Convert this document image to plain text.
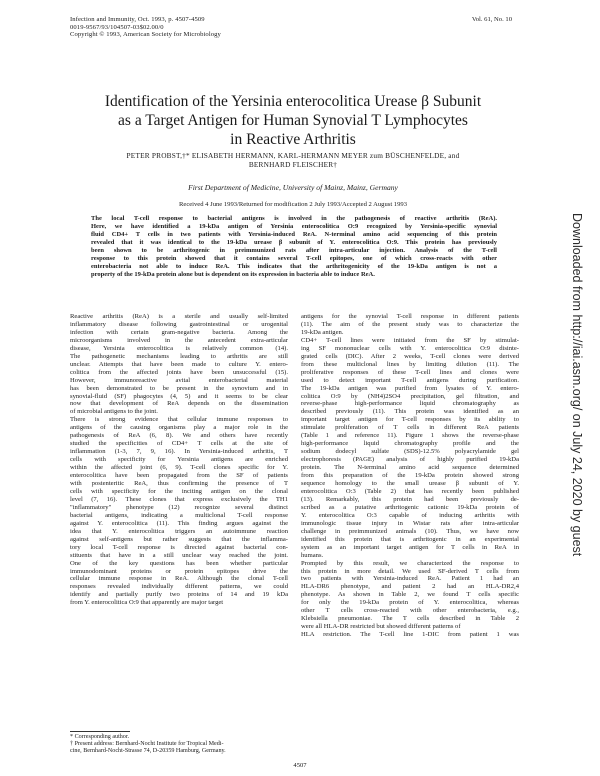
Infection and Immunity, Oct. 1993, p. 4507-4509
0019-9567/93/104507-03$02.00/0
Copyright © 1993, American Society for Microbiology
Vol. 61, No. 10
Identification of the Yersinia enterocolitica Urease β Subunit
as a Target Antigen for Human Synovial T Lymphocytes
in Reactive Arthritis
PETER PROBST,†* ELISABETH HERMANN, KARL-HERMANN MEYER zum BÜSCHENFELDE, and
BERNHARD FLEISCHER†
First Department of Medicine, University of Mainz, Mainz, Germany
Received 4 June 1993/Returned for modification 2 July 1993/Accepted 2 August 1993
The local T-cell response to bacterial antigens is involved in the pathogenesis of reactive arthritis (ReA).
Here, we have identified a 19-kDa antigen of Yersinia enterocolitica O:9 recognized by Yersinia-specific synovial
fluid CD4+ T cells in two patients with Yersinia-induced ReA. N-terminal amino acid sequencing of this protein
revealed that it was identical to the 19-kDa urease β subunit of Y. enterocolitica O:9. This protein has previously
been shown to be arthritogenic in preimmunized rats after intra-articular injection. Analysis of the T-cell
response to this protein showed that it contains several T-cell epitopes, one of which cross-reacts with other
enterobacteria not able to induce ReA. This indicates that the arthritogenicity of the 19-kDa antigen is not a
property of the 19-kDa protein alone but is dependent on its expression in bacteria able to induce ReA.
Reactive arthritis (ReA) is a sterile and usually self-limited
inflammatory disease following gastrointestinal or urogenital
infection with certain gram-negative bacteria. Among the
microorganisms involved in the antecedent extra-articular
disease, Yersinia enterocolitica is relatively common (14).
The pathogenetic mechanisms leading to arthritis are still
unclear. Attempts that have been made to culture Y. entero-
colitica from the affected joints have been unsuccessful (15).
However, immunoreactive avital enterobacterial material
has been demonstrated to be present in the synovium and in
synovial-fluid (SF) phagocytes (4, 5) and it seems to be clear
now that development of ReA depends on the dissemination
of microbial antigens to the joint.
There is strong evidence that cellular immune responses to
antigens of the causing organisms play a major role in the
pathogenesis of ReA (6, 8). We and others have recently
studied the specificities of CD4+ T cells at the site of
inflammation (1-3, 7, 9, 16). In Yersinia-induced arthritis, T
cells with specificity for Yersinia antigens are enriched
within the affected joint (6, 9). T-cell clones specific for Y.
enterocolitica have been propagated from the SF of patients
with postenteritic ReA, thus confirming the presence of T
cells with specificity for the inciting antigen on the clonal
level (7, 16). These clones that express exclusively the TH1
"inflammatory" phenotype (12) recognize several distinct
bacterial antigens, indicating a multiclonal T-cell response
against Y. enterocolitica (11). This finding argues against the
idea that Y. enterocolitica triggers an autoimmune reaction
against self-antigens but rather suggests that the inflamma-
tory local T-cell response is directed against bacterial con-
stituents that have in a still unclear way reached the joint.
One of the key questions has been whether particular
immunodominant proteins or protein epitopes drive the
cellular immune response in ReA. Although the clonal T-cell
responses revealed individually different patterns, we could
identify and partially purify two proteins of 14 and 19 kDa
from Y. enterocolitica O:9 that apparently are major target
antigens for the synovial T-cell response in different patients
(11). The aim of the present study was to characterize the
19-kDa antigen.
CD4+ T-cell lines were initiated from the SF by stimulat-
ing SF mononuclear cells with Y. enterocolitica O:9 disinte-
grated cells (DIC). After 2 weeks, T-cell clones were derived
from these multiclonal lines by limiting dilution (11). The
proliferative responses of these T-cell lines and clones were
used to detect important T-cell antigens during purification.
The 19-kDa antigen was purified from lysates of Y. entero-
colitica O:9 by (NH4)2SO4 precipitation, gel filtration, and
reverse-phase high-performance liquid chromatography as
described previously (11). This protein was identified as an
important target antigen for T-cell responses by its ability to
stimulate proliferation of T cells in different ReA patients
(Table 1 and reference 11). Figure 1 shows the reverse-phase
high-performance liquid chromatography profile and the
sodium dodecyl sulfate (SDS)-12.5% polyacrylamide gel
electrophoresis (PAGE) analysis of highly purified 19-kDa
protein. The N-terminal amino acid sequence determined
from this preparation of the 19-kDa protein showed strong
sequence homology to the small urease β subunit of Y.
enterocolitica O:3 (Table 2) that has recently been published
(13). Remarkably, this protein had been previously de-
scribed as a putative arthritogenic cationic 19-kDa protein of
Y. enterocolitica O:3 capable of inducing arthritis with
immunologic tissue injury in Wistar rats after intra-articular
challenge in preimmunized animals (10). Thus, we have now
identified this protein that is arthritogenic in an experimental
system as an important target antigen for T cells in ReA in
humans.
Prompted by this result, we characterized the response to
this protein in more detail. We used SF-derived T cells from
two patients with Yersinia-induced ReA. Patient 1 had an
HLA-DR6 phenotype, and patient 2 had an HLA-DR2,4
phenotype. As shown in Table 2, we found T cells specific
for only the 19-kDa protein of Y. enterocolitica, whereas
other T cells cross-reacted with other enterobacteria, e.g.,
Klebsiella pneumoniae. The T cells described in Table 2
were all HLA-DR restricted but showed different patterns of
HLA restriction. The T-cell line 1-DIC from patient 1 was
* Corresponding author.
† Present address: Bernhard-Nocht Institute for Tropical Medi-
cine, Bernhard-Nocht-Strasse 74, D-20359 Hamburg, Germany.
4507
Downloaded from http://iai.asm.org/ on July 24, 2020 by guest
